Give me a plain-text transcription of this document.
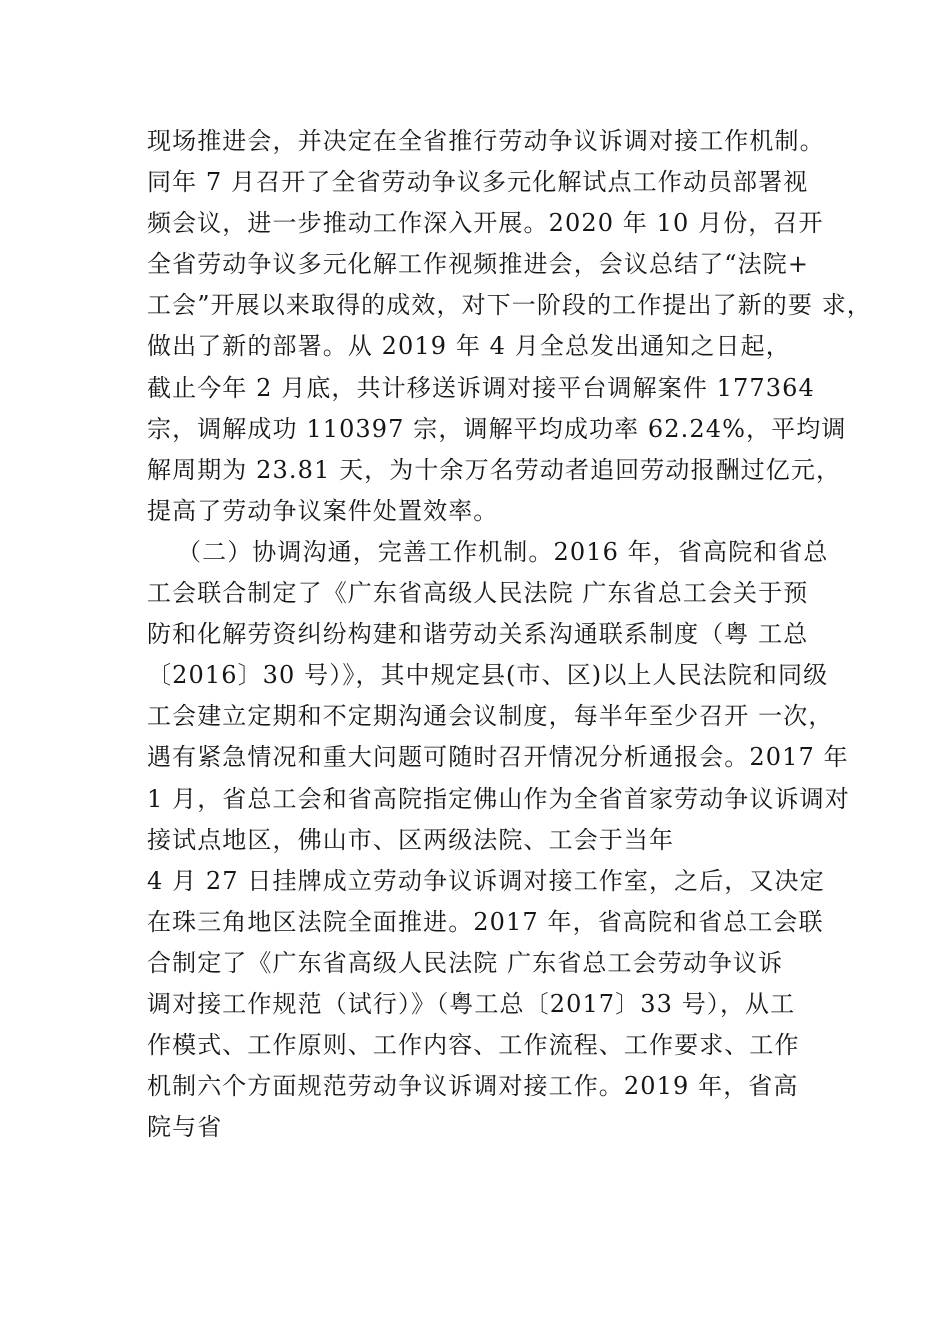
现场推进会，并决定在全省推行劳动争议诉调对接工作机制。
同年 7 月召开了全省劳动争议多元化解试点工作动员部署视
频会议，进一步推动工作深入开展。2020 年 10 月份，召开
全省劳动争议多元化解工作视频推进会，会议总结了“法院+
工会”开展以来取得的成效，对下一阶段的工作提出了新的要 求，
做出了新的部署。从 2019 年 4 月全总发出通知之日起，
截止今年 2 月底，共计移送诉调对接平台调解案件 177364
宗，调解成功 110397 宗，调解平均成功率 62.24%，平均调
解周期为 23.81 天，为十余万名劳动者追回劳动报酬过亿元，
提高了劳动争议案件处置效率。
（二）协调沟通，完善工作机制。2016 年，省高院和省总
工会联合制定了《广东省高级人民法院 广东省总工会关于预
防和化解劳资纠纷构建和谐劳动关系沟通联系制度（粤 工总
〔2016〕30 号）》，其中规定县(市、区)以上人民法院和同级
工会建立定期和不定期沟通会议制度，每半年至少召开 一次，
遇有紧急情况和重大问题可随时召开情况分析通报会。2017 年
1 月，省总工会和省高院指定佛山作为全省首家劳动争议诉调对
接试点地区，佛山市、区两级法院、工会于当年
4 月 27 日挂牌成立劳动争议诉调对接工作室，之后，又决定
在珠三角地区法院全面推进。2017 年，省高院和省总工会联
合制定了《广东省高级人民法院 广东省总工会劳动争议诉
调对接工作规范（试行）》（粤工总〔2017〕33 号），从工
作模式、工作原则、工作内容、工作流程、工作要求、工作
机制六个方面规范劳动争议诉调对接工作。2019 年，省高
院与省
